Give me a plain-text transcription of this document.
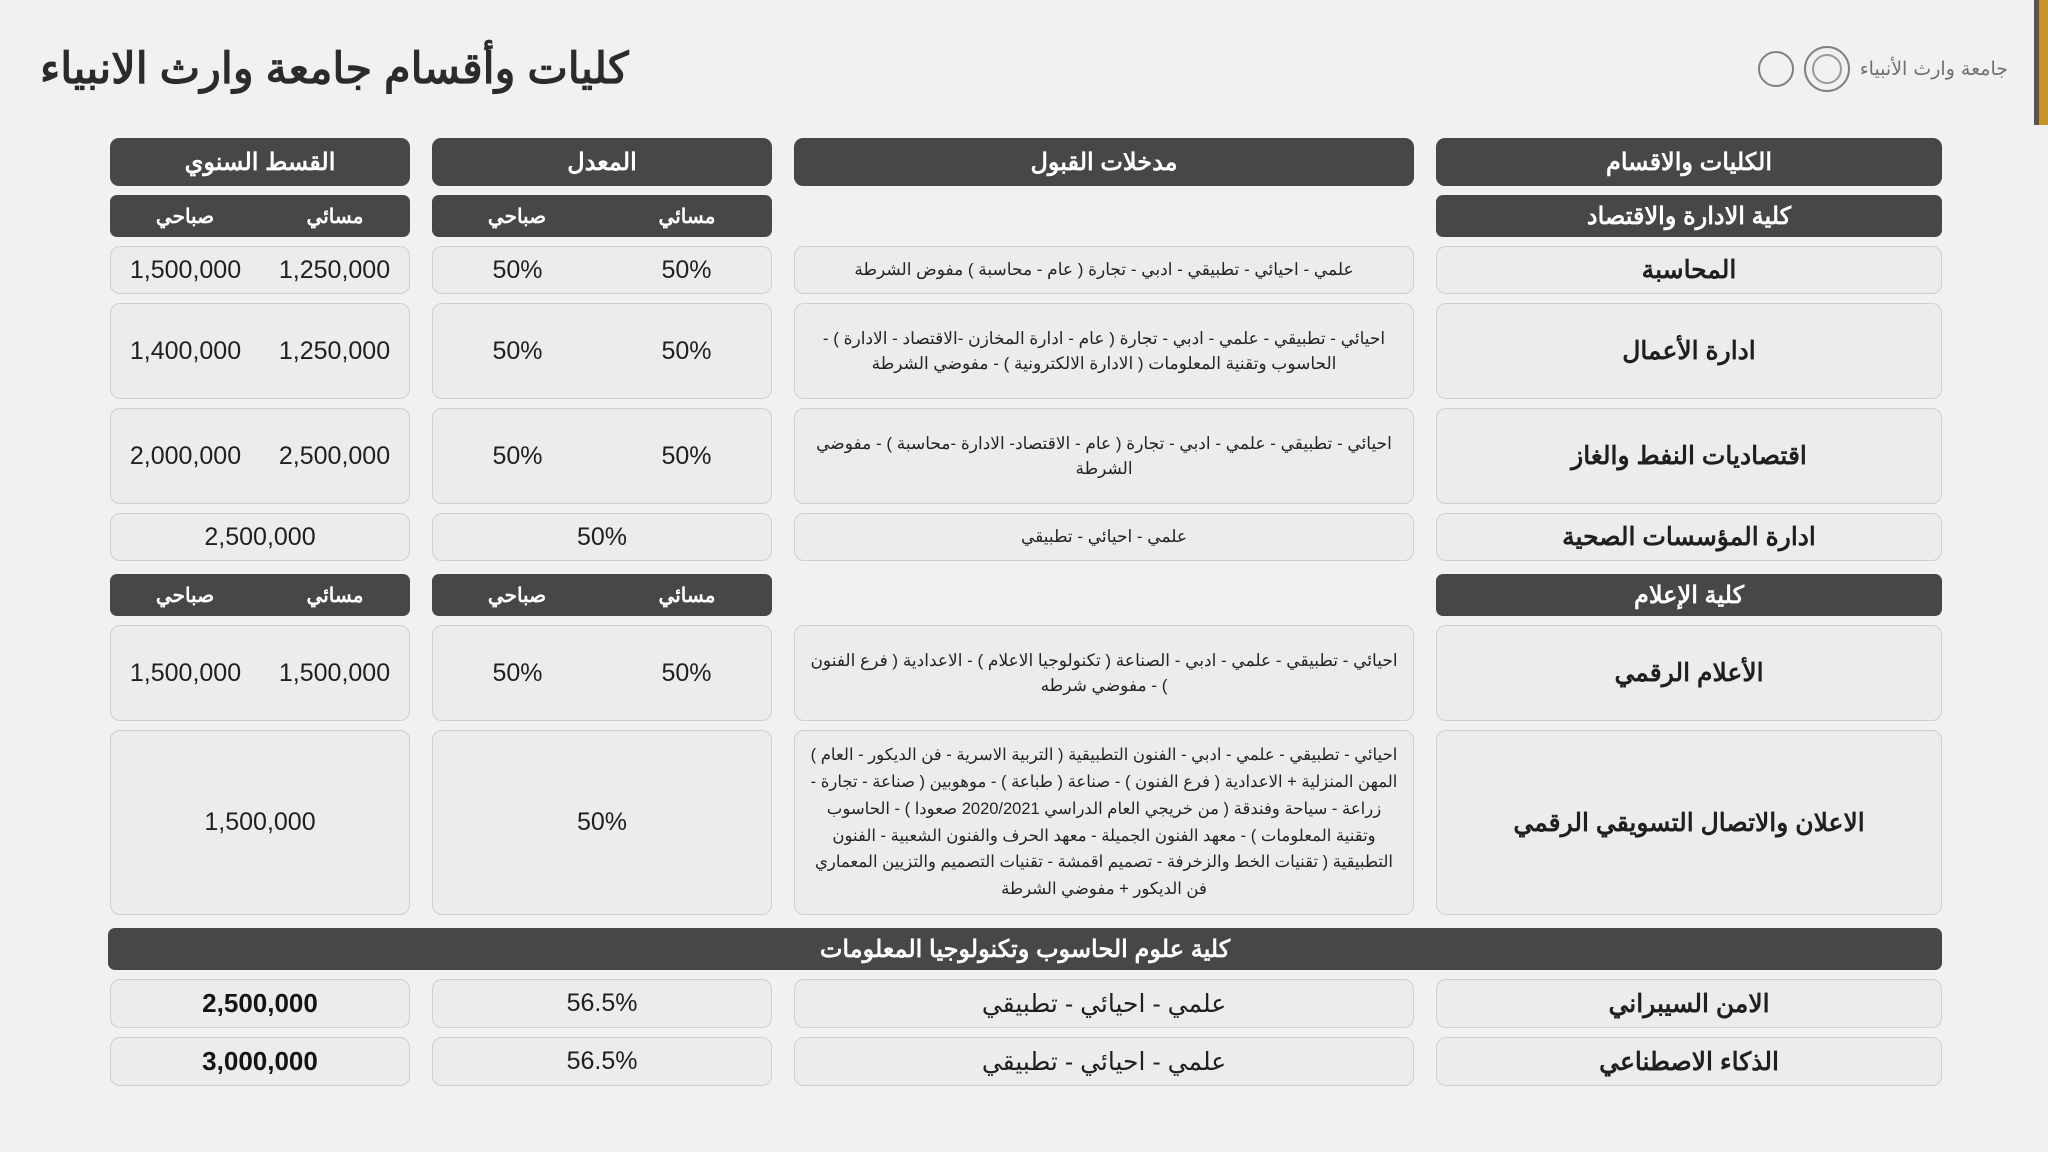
جامعة وارث الأنبياء
كليات وأقسام جامعة وارث الانبياء
الكليات والاقسام
مدخلات القبول
المعدل
القسط السنوي
كلية الادارة والاقتصاد
مسائي
صباحي
مسائي
صباحي
المحاسبة
علمي - احيائي - تطبيقي - ادبي - تجارة ( عام - محاسبة ) مفوض الشرطة
50%
50%
1,250,000
1,500,000
ادارة الأعمال
احيائي - تطبيقي - علمي - ادبي - تجارة ( عام - ادارة المخازن -الاقتصاد - الادارة ) - الحاسوب وتقنية المعلومات ( الادارة الالكترونية ) - مفوضي الشرطة
50%
50%
1,250,000
1,400,000
اقتصاديات النفط والغاز
احيائي - تطبيقي - علمي - ادبي - تجارة ( عام - الاقتصاد- الادارة -محاسبة ) - مفوضي الشرطة
50%
50%
2,500,000
2,000,000
ادارة المؤسسات الصحية
علمي - احيائي - تطبيقي
50%
2,500,000
كلية الإعلام
مسائي
صباحي
مسائي
صباحي
الأعلام الرقمي
احيائي - تطبيقي - علمي - ادبي - الصناعة ( تكنولوجيا الاعلام ) - الاعدادية ( فرع الفنون ) - مفوضي شرطه
50%
50%
1,500,000
1,500,000
الاعلان والاتصال التسويقي الرقمي
احيائي - تطبيقي - علمي - ادبي - الفنون التطبيقية ( التربية الاسرية - فن الديكور - العام ) المهن المنزلية + الاعدادية ( فرع الفنون ) - صناعة ( طباعة ) - موهوبين ( صناعة - تجارة - زراعة - سياحة وفندقة ( من خريجي العام الدراسي 2020/2021 صعودا ) - الحاسوب وتقنية المعلومات ) - معهد الفنون الجميلة - معهد الحرف والفنون الشعبية - الفنون التطبيقية ( تقنيات الخط والزخرفة - تصميم اقمشة - تقنيات التصميم والتزيين المعماري فن الديكور + مفوضي الشرطة
50%
1,500,000
كلية علوم الحاسوب وتكنولوجيا المعلومات
الامن السيبراني
علمي - احيائي - تطبيقي
56.5%
2,500,000
الذكاء الاصطناعي
علمي - احيائي - تطبيقي
56.5%
3,000,000
